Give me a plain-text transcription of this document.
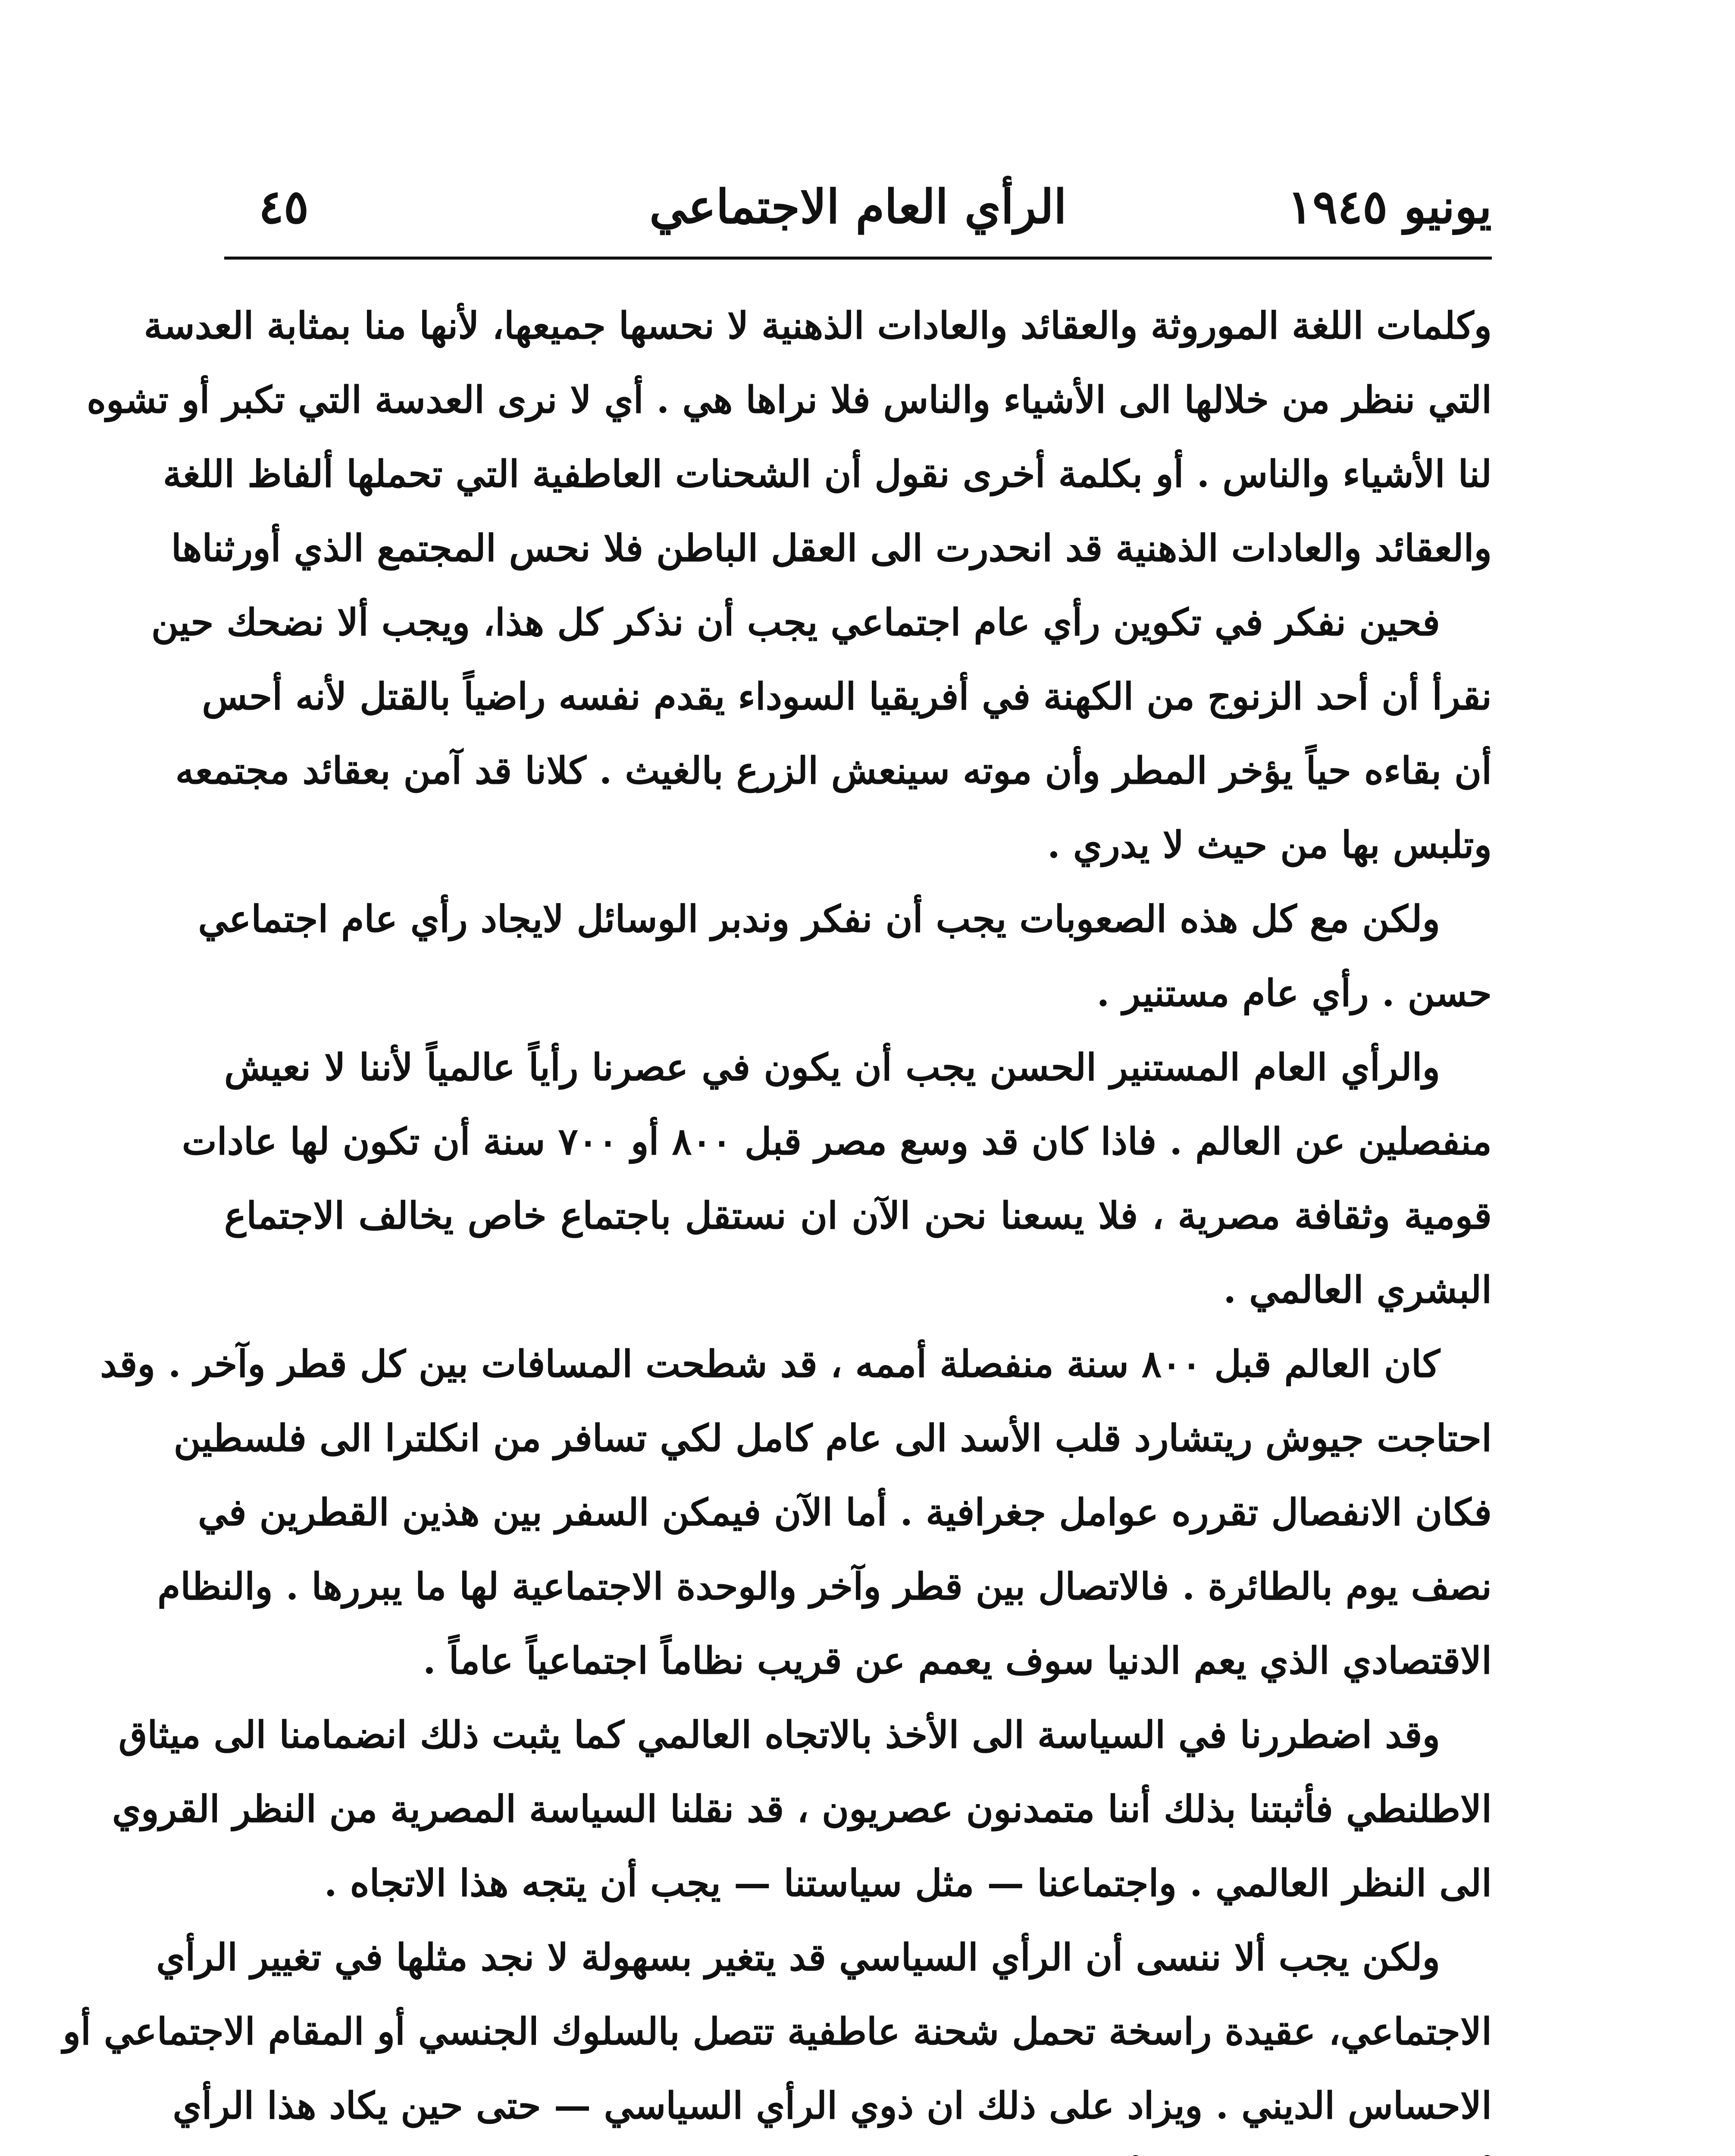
يونيو ١٩٤٥
الرأي العام الاجتماعي
٤٥
وكلمات اللغة الموروثة والعقائد والعادات الذهنية لا نحسها جميعها، لأنها منا بمثابة العدسة
التي ننظر من خلالها الى الأشياء والناس فلا نراها هي . أي لا نرى العدسة التي تكبر أو تشوه
لنا الأشياء والناس . أو بكلمة أخرى نقول أن الشحنات العاطفية التي تحملها ألفاظ اللغة
والعقائد والعادات الذهنية قد انحدرت الى العقل الباطن فلا نحس المجتمع الذي أورثناها
فحين نفكر في تكوين رأي عام اجتماعي يجب أن نذكر كل هذا، ويجب ألا نضحك حين
نقرأ أن أحد الزنوج من الكهنة في أفريقيا السوداء يقدم نفسه راضياً بالقتل لأنه أحس
أن بقاءه حياً يؤخر المطر وأن موته سينعش الزرع بالغيث . كلانا قد آمن بعقائد مجتمعه
وتلبس بها من حيث لا يدري .
ولكن مع كل هذه الصعوبات يجب أن نفكر وندبر الوسائل لايجاد رأي عام اجتماعي
حسن . رأي عام مستنير .
والرأي العام المستنير الحسن يجب أن يكون في عصرنا رأياً عالمياً لأننا لا نعيش
منفصلين عن العالم . فاذا كان قد وسع مصر قبل ٨٠٠ أو ٧٠٠ سنة أن تكون لها عادات
قومية وثقافة مصرية ، فلا يسعنا نحن الآن ان نستقل باجتماع خاص يخالف الاجتماع
البشري العالمي .
كان العالم قبل ٨٠٠ سنة منفصلة أممه ، قد شطحت المسافات بين كل قطر وآخر . وقد
احتاجت جيوش ريتشارد قلب الأسد الى عام كامل لكي تسافر من انكلترا الى فلسطين
فكان الانفصال تقرره عوامل جغرافية . أما الآن فيمكن السفر بين هذين القطرين في
نصف يوم بالطائرة . فالاتصال بين قطر وآخر والوحدة الاجتماعية لها ما يبررها . والنظام
الاقتصادي الذي يعم الدنيا سوف يعمم عن قريب نظاماً اجتماعياً عاماً .
وقد اضطررنا في السياسة الى الأخذ بالاتجاه العالمي كما يثبت ذلك انضمامنا الى ميثاق
الاطلنطي فأثبتنا بذلك أننا متمدنون عصريون ، قد نقلنا السياسة المصرية من النظر القروي
الى النظر العالمي . واجتماعنا — مثل سياستنا — يجب أن يتجه هذا الاتجاه .
ولكن يجب ألا ننسى أن الرأي السياسي قد يتغير بسهولة لا نجد مثلها في تغيير الرأي
الاجتماعي، عقيدة راسخة تحمل شحنة عاطفية تتصل بالسلوك الجنسي أو المقام الاجتماعي أو
الاحساس الديني . ويزاد على ذلك ان ذوي الرأي السياسي — حتى حين يكاد هذا الرأي
